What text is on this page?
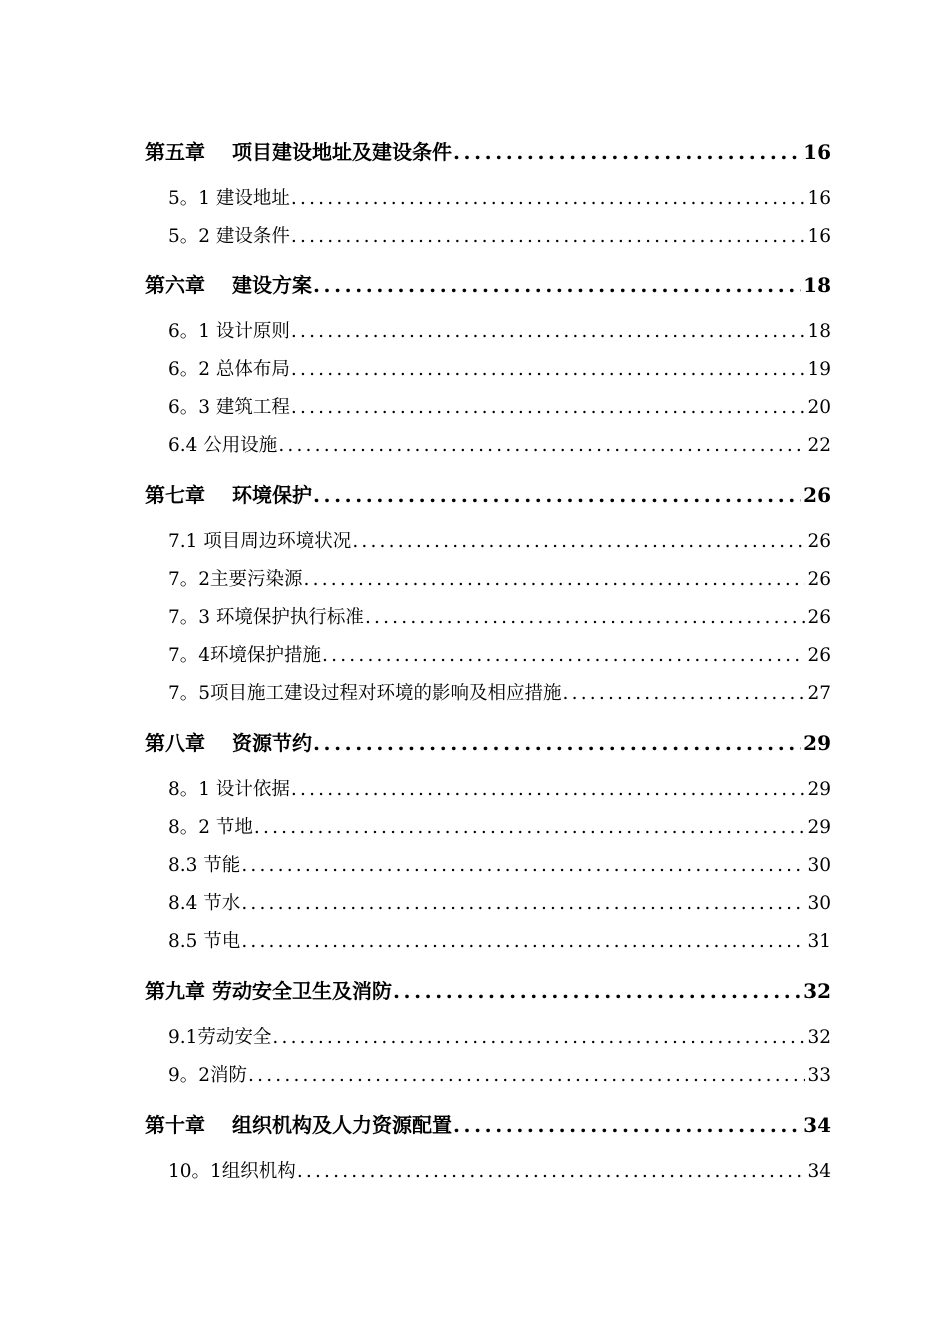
第五章　 项目建设地址及建设条件 .....	16
5。1 建设地址 .....	16
5。2 建设条件 .....	16
第六章　 建设方案 .....	18
6。1 设计原则 .....	18
6。2 总体布局 .....	19
6。3 建筑工程 .....	20
6.4 公用设施 .....	22
第七章　 环境保护 .....	26
7.1 项目周边环境状况 .....	26
7。2主要污染源 .....	26
7。3 环境保护执行标准 .....	26
7。4环境保护措施 .....	26
7。5项目施工建设过程对环境的影响及相应措施 .....	27
第八章　 资源节约 .....	29
8。1 设计依据 .....	29
8。2 节地 .....	29
8.3 节能 .....	30
8.4 节水 .....	30
8.5 节电 .....	31
第九章 劳动安全卫生及消防 .....	32
9.1劳动安全 .....	32
9。2消防 .....	33
第十章　 组织机构及人力资源配置 .....	34
10。1组织机构 .....	34
